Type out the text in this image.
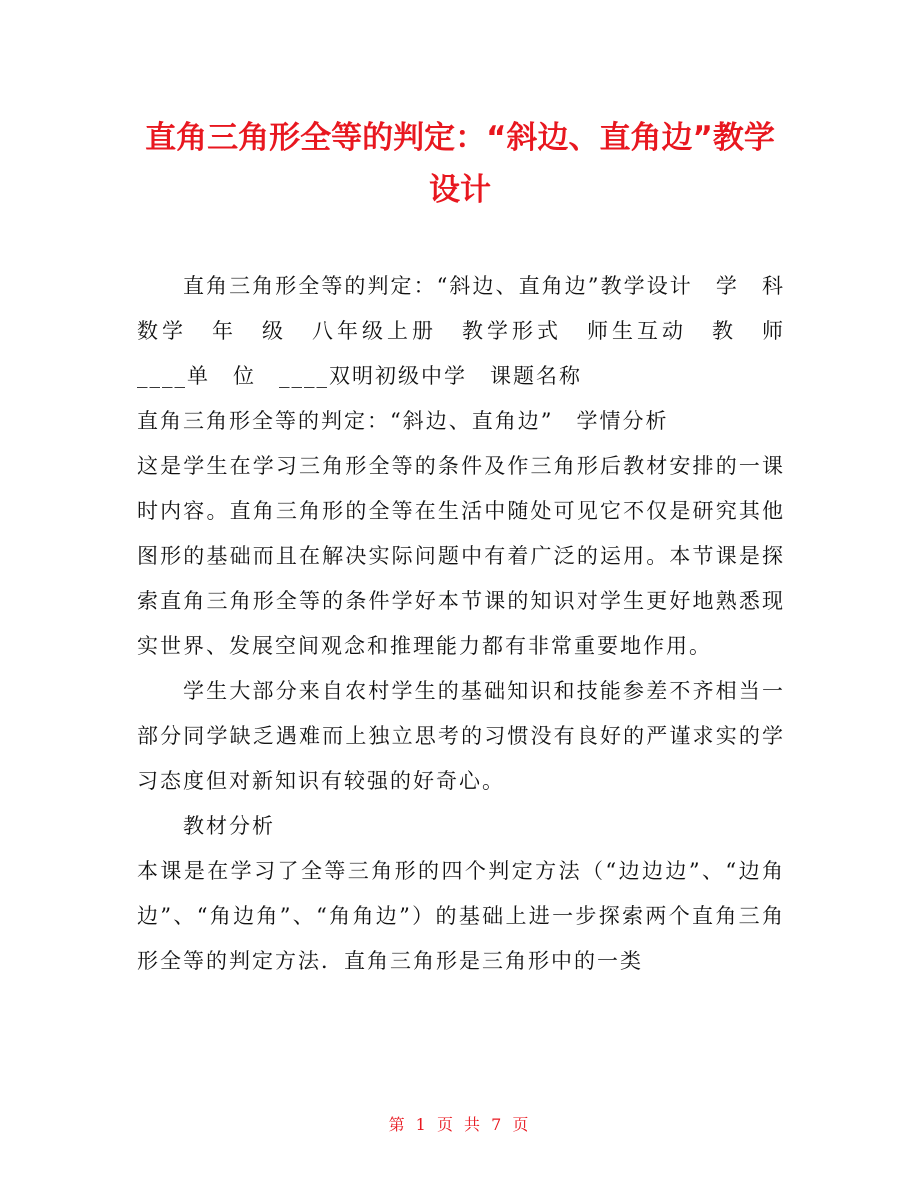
直角三角形全等的判定：“斜边、直角边”教学设计

直角三角形全等的判定：“斜边、直角边”教学设计　学　科　数学　年　级　八年级上册　教学形式　师生互动　教　师　____单　位　____双明初级中学　课题名称

直角三角形全等的判定：“斜边、直角边”　学情分析

这是学生在学习三角形全等的条件及作三角形后教材安排的一课时内容。直角三角形的全等在生活中随处可见它不仅是研究其他图形的基础而且在解决实际问题中有着广泛的运用。本节课是探索直角三角形全等的条件学好本节课的知识对学生更好地熟悉现实世界、发展空间观念和推理能力都有非常重要地作用。

学生大部分来自农村学生的基础知识和技能参差不齐相当一部分同学缺乏遇难而上独立思考的习惯没有良好的严谨求实的学习态度但对新知识有较强的好奇心。

教材分析

本课是在学习了全等三角形的四个判定方法（“边边边”、“边角边”、“角边角”、“角角边”）的基础上进一步探索两个直角三角形全等的判定方法．直角三角形是三角形中的一类

第 1 页 共 7 页
